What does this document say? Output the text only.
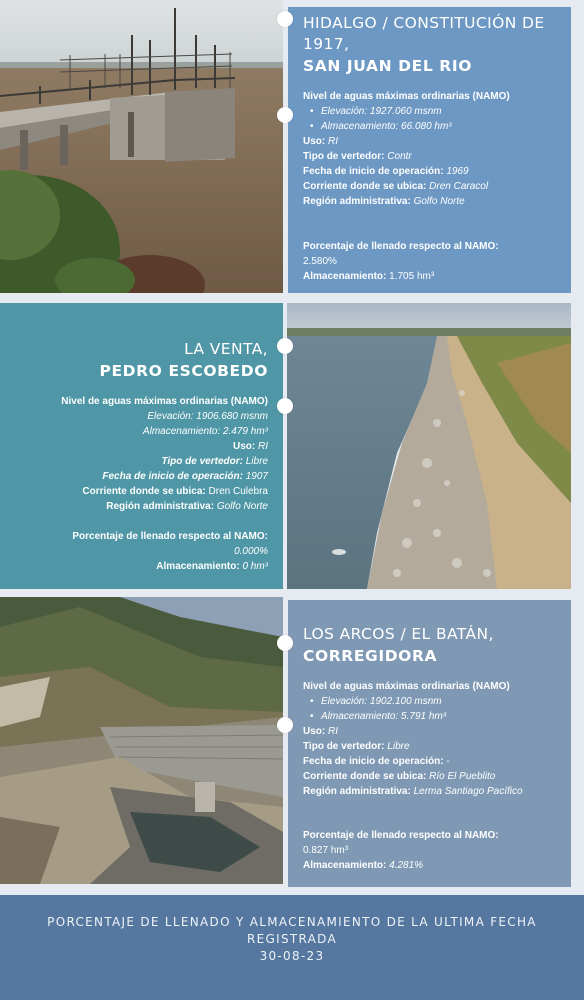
HIDALGO / CONSTITUCIÓN DE 1917,
SAN JUAN DEL RIO
Nivel de aguas máximas ordinarias (NAMO)
• Elevación: 1927.060 msnm
• Almacenamiento: 66.080 hm³
Uso: RI
Tipo de vertedor: Contr
Fecha de inicio de operación: 1969
Corriente donde se ubica: Dren Caracol
Región administrativa: Golfo Norte
Porcentaje de llenado respecto al NAMO:
2.580%
Almacenamiento: 1.705 hm³
LA VENTA,
PEDRO ESCOBEDO
Nivel de aguas máximas ordinarias (NAMO)
Elevación: 1906.680 msnm
Almacenamiento: 2.479 hm³
Uso: RI
Tipo de vertedor: Libre
Fecha de inicio de operación: 1907
Corriente donde se ubica: Dren Culebra
Región administrativa: Golfo Norte
Porcentaje de llenado respecto al NAMO:
0.000%
Almacenamiento: 0 hm³
LOS ARCOS / EL BATÁN,
CORREGIDORA
Nivel de aguas máximas ordinarias (NAMO)
• Elevación: 1902.100 msnm
• Almacenamiento: 5.791 hm³
Uso: RI
Tipo de vertedor: Libre
Fecha de inicio de operación: -
Corriente donde se ubica: Río El Pueblito
Región administrativa: Lerma Santiago Pacífico
Porcentaje de llenado respecto al NAMO:
0.827 hm³
Almacenamiento: 4.281%
PORCENTAJE DE LLENADO Y ALMACENAMIENTO DE LA ULTIMA FECHA
REGISTRADA
30-08-23
